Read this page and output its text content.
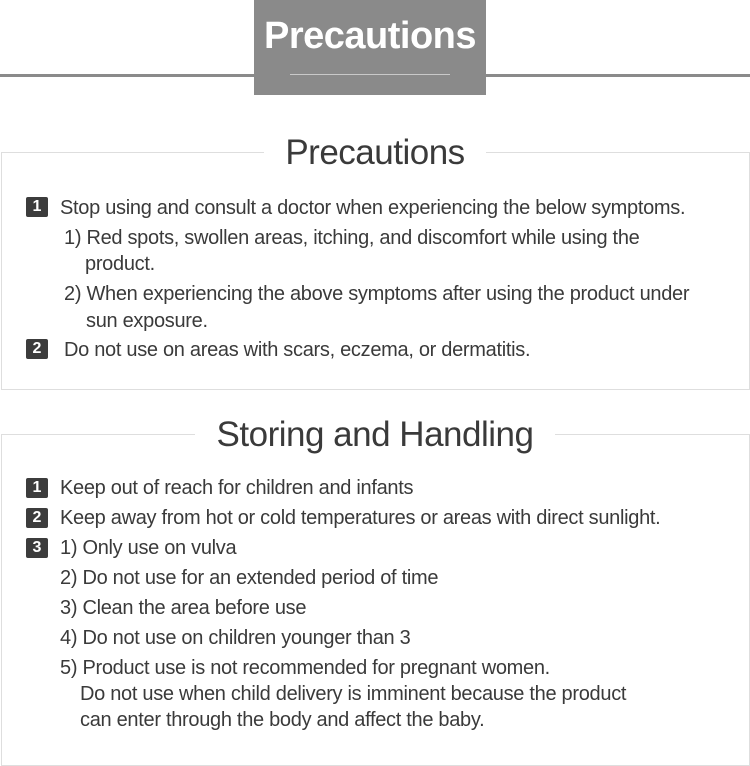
Precautions
Precautions
1 Stop using and consult a doctor when experiencing the below symptoms.
1) Red spots, swollen areas, itching, and discomfort while using the
product.
2) When experiencing the above symptoms after using the product under
sun exposure.
2	Do not use on areas with scars, eczema, or dermatitis.
Storing and Handling
1 Keep out of reach for children and infants
2 Keep away from hot or cold temperatures or areas with direct sunlight.
3 1) Only use on vulva
2) Do not use for an extended period of time
3) Clean the area before use
4) Do not use on children younger than 3
5) Product use is not recommended for pregnant women.
Do not use when child delivery is imminent because the product
can enter through the body and affect the baby.
